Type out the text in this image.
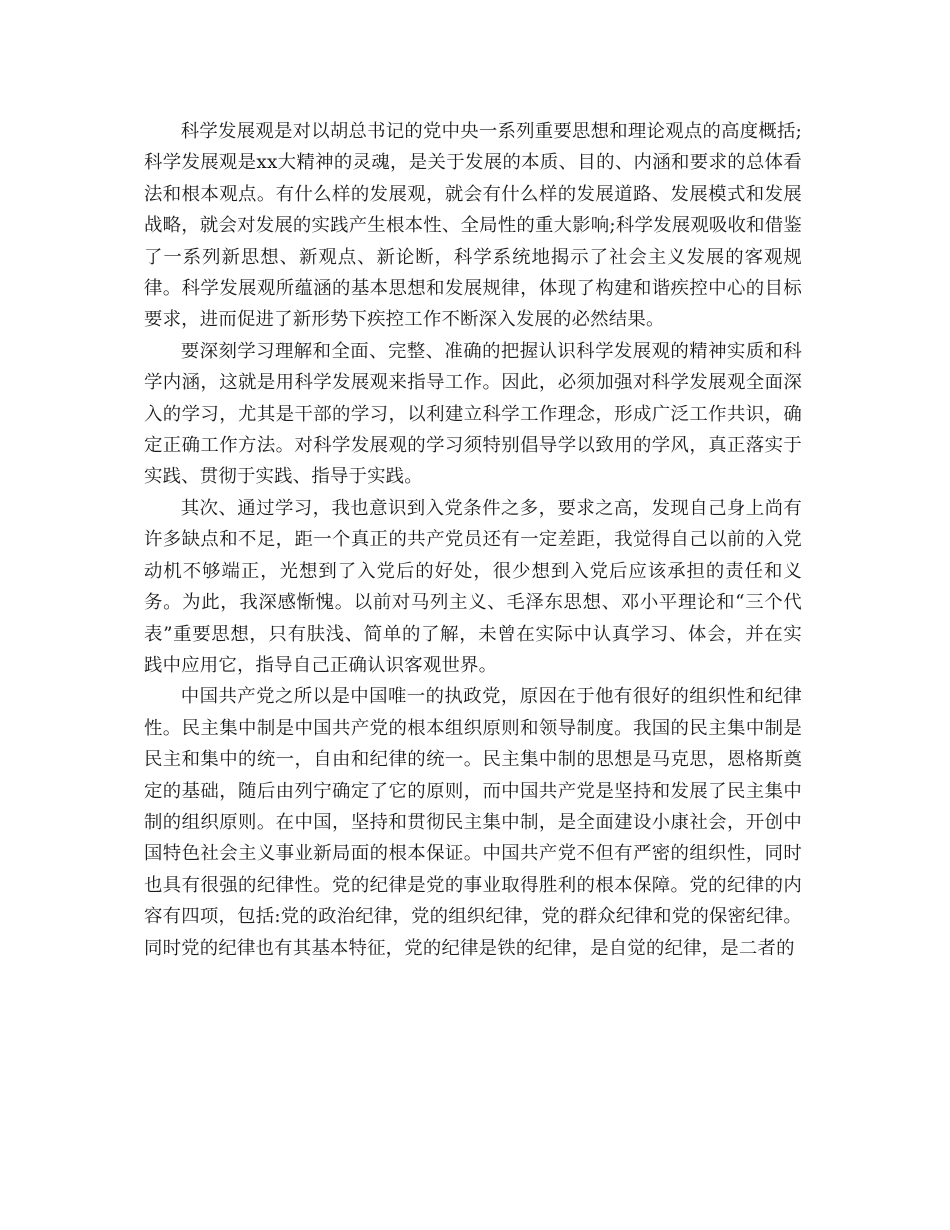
科学发展观是对以胡总书记的党中央一系列重要思想和理论观点的高度概括;科学发展观是xx大精神的灵魂，是关于发展的本质、目的、内涵和要求的总体看法和根本观点。有什么样的发展观，就会有什么样的发展道路、发展模式和发展战略，就会对发展的实践产生根本性、全局性的重大影响;科学发展观吸收和借鉴了一系列新思想、新观点、新论断，科学系统地揭示了社会主义发展的客观规律。科学发展观所蕴涵的基本思想和发展规律，体现了构建和谐疾控中心的目标要求，进而促进了新形势下疾控工作不断深入发展的必然结果。

要深刻学习理解和全面、完整、准确的把握认识科学发展观的精神实质和科学内涵，这就是用科学发展观来指导工作。因此，必须加强对科学发展观全面深入的学习，尤其是干部的学习，以利建立科学工作理念，形成广泛工作共识，确定正确工作方法。对科学发展观的学习须特别倡导学以致用的学风，真正落实于实践、贯彻于实践、指导于实践。

其次、通过学习，我也意识到入党条件之多，要求之高，发现自己身上尚有许多缺点和不足，距一个真正的共产党员还有一定差距，我觉得自己以前的入党动机不够端正，光想到了入党后的好处，很少想到入党后应该承担的责任和义务。为此，我深感惭愧。以前对马列主义、毛泽东思想、邓小平理论和“三个代表”重要思想，只有肤浅、简单的了解，未曾在实际中认真学习、体会，并在实践中应用它，指导自己正确认识客观世界。

中国共产党之所以是中国唯一的执政党，原因在于他有很好的组织性和纪律性。民主集中制是中国共产党的根本组织原则和领导制度。我国的民主集中制是民主和集中的统一，自由和纪律的统一。民主集中制的思想是马克思，恩格斯奠定的基础，随后由列宁确定了它的原则，而中国共产党是坚持和发展了民主集中制的组织原则。在中国，坚持和贯彻民主集中制，是全面建设小康社会，开创中国特色社会主义事业新局面的根本保证。中国共产党不但有严密的组织性，同时也具有很强的纪律性。党的纪律是党的事业取得胜利的根本保障。党的纪律的内容有四项，包括:党的政治纪律，党的组织纪律，党的群众纪律和党的保密纪律。同时党的纪律也有其基本特征，党的纪律是铁的纪律，是自觉的纪律，是二者的
